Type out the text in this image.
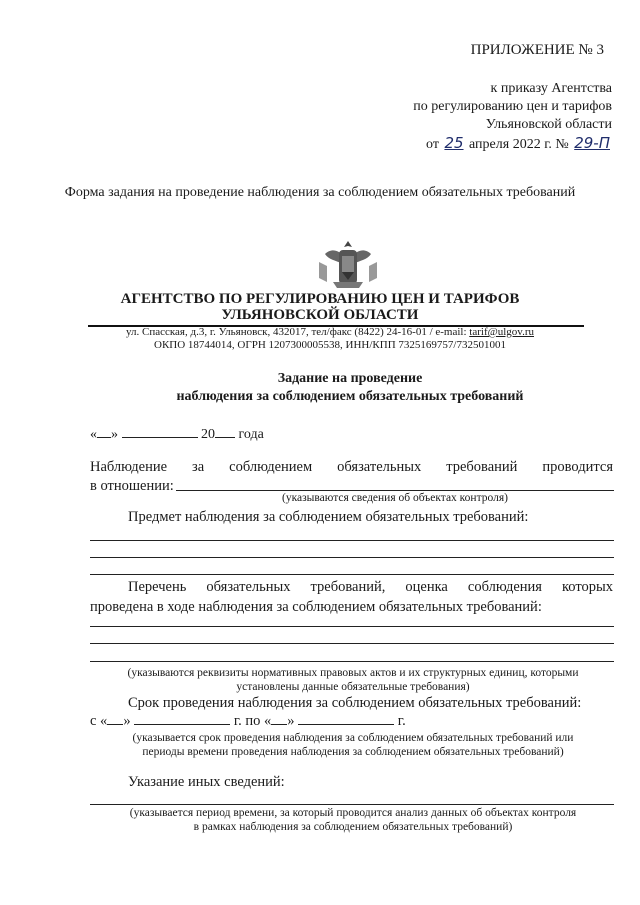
ПРИЛОЖЕНИЕ № 3
к приказу Агентства
по регулированию цен и тарифов
Ульяновской области
от 25 апреля 2022 г. № 29-П
Форма задания на проведение наблюдения за соблюдением обязательных требований
АГЕНТСТВО ПО РЕГУЛИРОВАНИЮ ЦЕН И ТАРИФОВ
УЛЬЯНОВСКОЙ ОБЛАСТИ
ул. Спасская, д.3, г. Ульяновск, 432017, тел/факс (8422) 24-16-01 / e-mail: tarif@ulgov.ru
ОКПО 18744014, ОГРН 1207300005538, ИНН/КПП 7325169757/732501001
Задание на проведение
наблюдения за соблюдением обязательных требований
« »	20 года
Наблюдение за соблюдением обязательных требований проводится
в отношении:
(указываются сведения об объектах контроля)
Предмет наблюдения за соблюдением обязательных требований:
Перечень обязательных требований, оценка соблюдения которых
проведена в ходе наблюдения за соблюдением обязательных требований:
(указываются реквизиты нормативных правовых актов и их структурных единиц, которыми
установлены данные обязательные требования)
Срок проведения наблюдения за соблюдением обязательных требований:
с « »	г. по « »	г.
(указывается срок проведения наблюдения за соблюдением обязательных требований или
периоды времени проведения наблюдения за соблюдением обязательных требований)
Указание иных сведений:
(указывается период времени, за который проводится анализ данных об объектах контроля
в рамках наблюдения за соблюдением обязательных требований)
